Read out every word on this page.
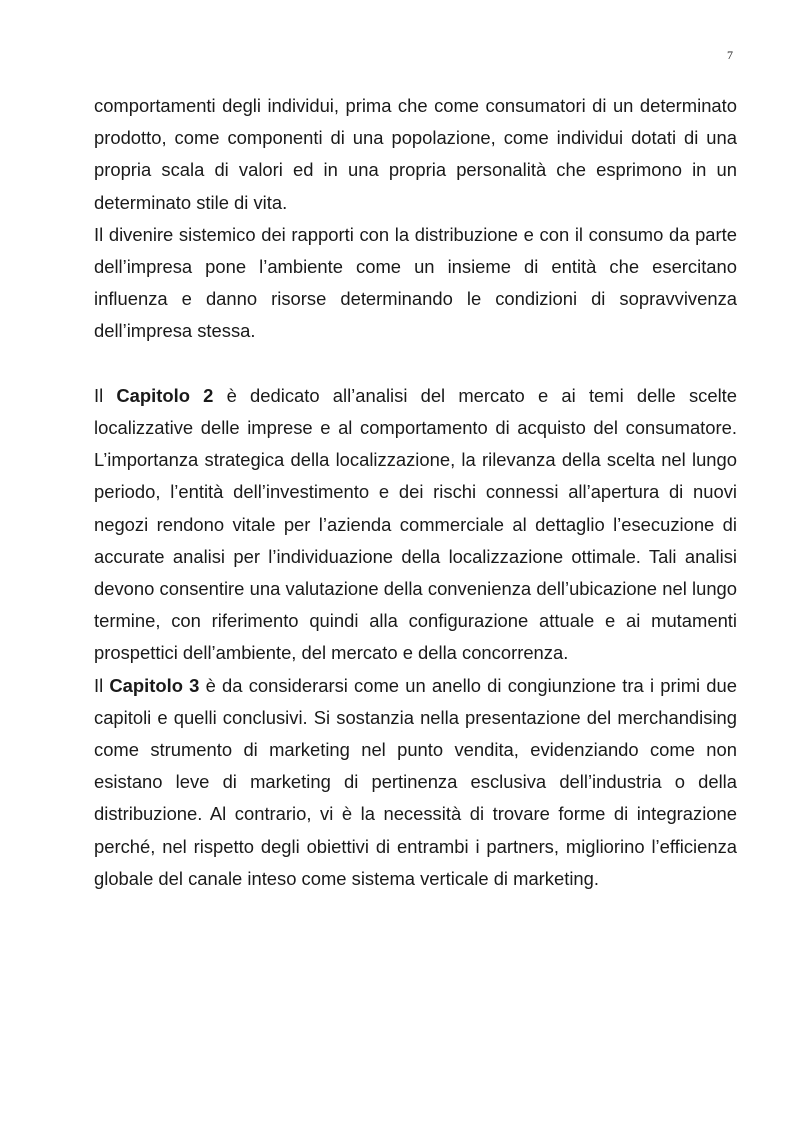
7

comportamenti degli individui, prima che come consumatori di un determinato prodotto, come componenti di una popolazione, come individui dotati di una propria scala di valori ed in una propria personalità che esprimono in un determinato stile di vita.

Il divenire sistemico dei rapporti con la distribuzione e con il consumo da parte dell’impresa pone l’ambiente come un insieme di entità che esercitano influenza e danno risorse determinando le condizioni di sopravvivenza dell’impresa stessa.

Il Capitolo 2 è dedicato all’analisi del mercato e ai temi delle scelte localizzative delle imprese e al comportamento di acquisto del consumatore. L’importanza strategica della localizzazione, la rilevanza della scelta nel lungo periodo, l’entità dell’investimento e dei rischi connessi all’apertura di nuovi negozi rendono vitale per l’azienda commerciale al dettaglio l’esecuzione di accurate analisi per l’individuazione della localizzazione ottimale. Tali analisi devono consentire una valutazione della convenienza dell’ubicazione nel lungo termine, con riferimento quindi alla configurazione attuale e ai mutamenti prospettici dell’ambiente, del mercato e della concorrenza.

Il Capitolo 3 è da considerarsi come un anello di congiunzione tra i primi due capitoli e quelli conclusivi. Si sostanzia nella presentazione del merchandising come strumento di marketing nel punto vendita, evidenziando come non esistano leve di marketing di pertinenza esclusiva dell’industria o della distribuzione. Al contrario, vi è la necessità di trovare forme di integrazione perché, nel rispetto degli obiettivi di entrambi i partners, migliorino l’efficienza globale del canale inteso come sistema verticale di marketing.
